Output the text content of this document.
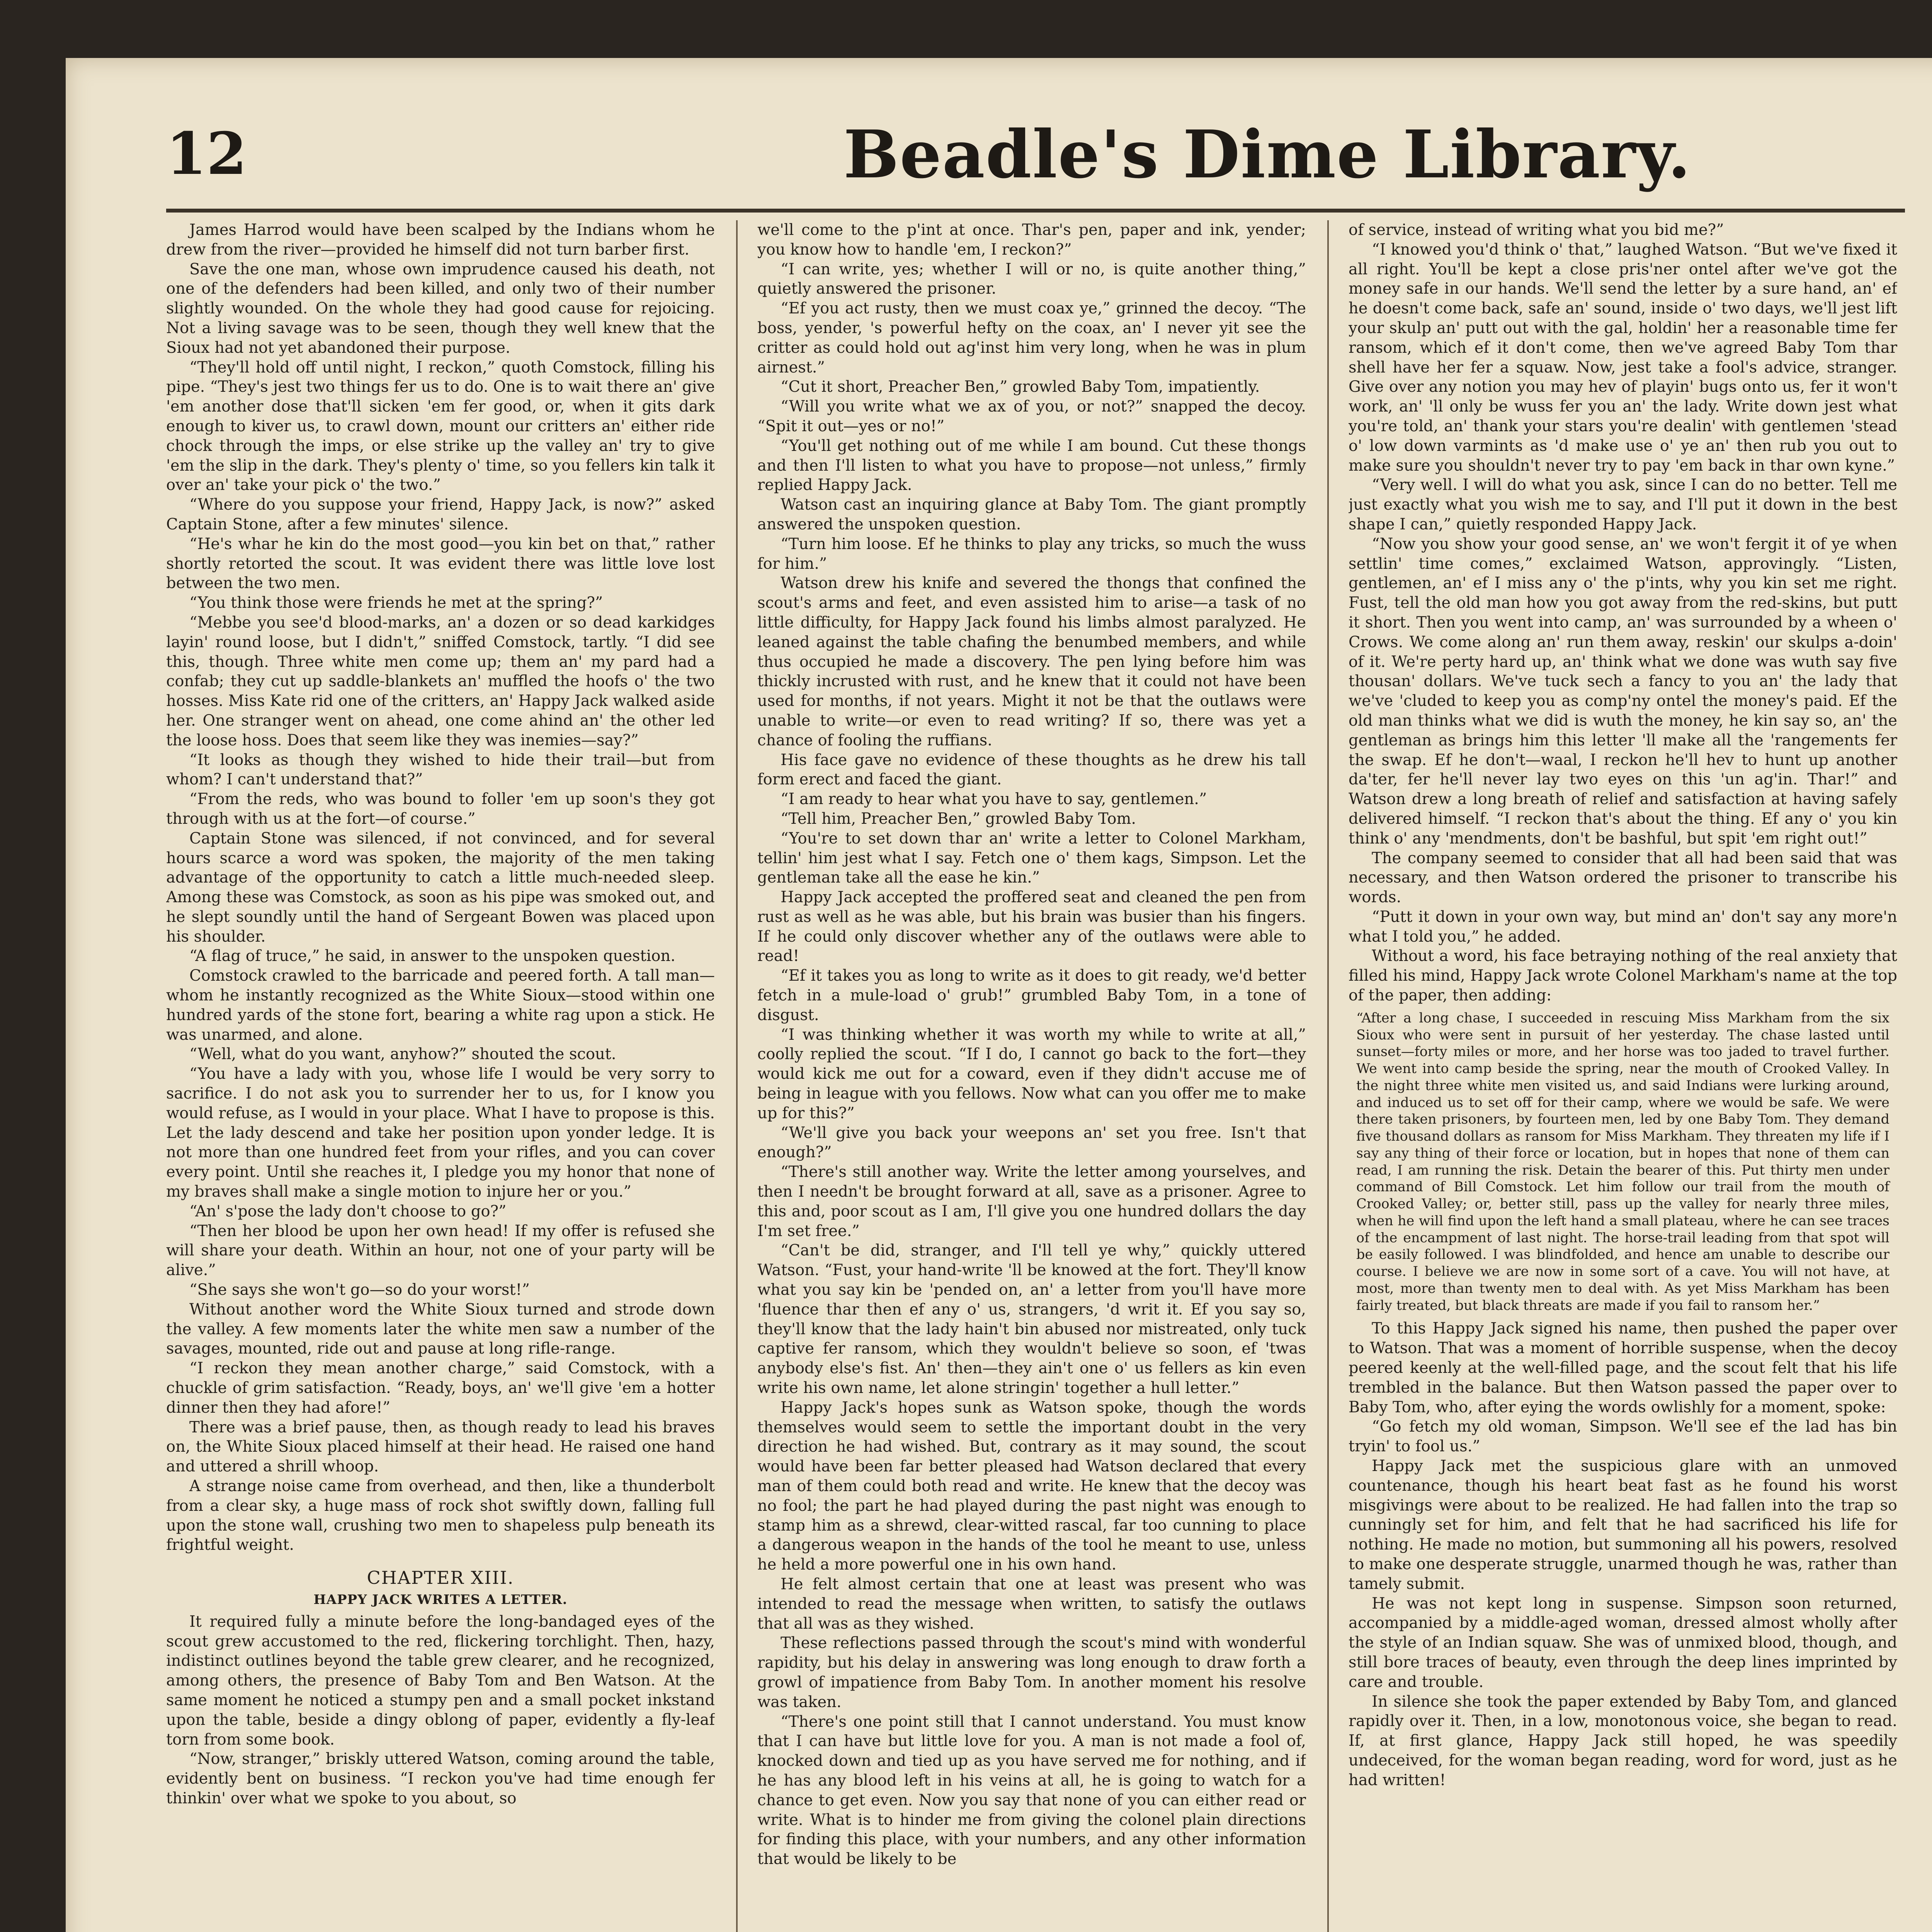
12	Beadle's Dime Library.

James Harrod would have been scalped by the Indians whom he drew from the river—provided he himself did not turn barber first.

Save the one man, whose own imprudence caused his death, not one of the defenders had been killed, and only two of their number slightly wounded. On the whole they had good cause for rejoicing. Not a living savage was to be seen, though they well knew that the Sioux had not yet abandoned their purpose.

“They'll hold off until night, I reckon,” quoth Comstock, filling his pipe. “They's jest two things fer us to do. One is to wait there an' give 'em another dose that'll sicken 'em fer good, or, when it gits dark enough to kiver us, to crawl down, mount our critters an' either ride chock through the imps, or else strike up the valley an' try to give 'em the slip in the dark. They's plenty o' time, so you fellers kin talk it over an' take your pick o' the two.”

“Where do you suppose your friend, Happy Jack, is now?” asked Captain Stone, after a few minutes' silence.

“He's whar he kin do the most good—you kin bet on that,” rather shortly retorted the scout. It was evident there was little love lost between the two men.

“You think those were friends he met at the spring?”

“Mebbe you see'd blood-marks, an' a dozen or so dead karkidges layin' round loose, but I didn't,” sniffed Comstock, tartly. “I did see this, though. Three white men come up; them an' my pard had a confab; they cut up saddle-blankets an' muffled the hoofs o' the two hosses. Miss Kate rid one of the critters, an' Happy Jack walked aside her. One stranger went on ahead, one come ahind an' the other led the loose hoss. Does that seem like they was inemies—say?”

“It looks as though they wished to hide their trail—but from whom? I can't understand that?”

“From the reds, who was bound to foller 'em up soon's they got through with us at the fort—of course.”

Captain Stone was silenced, if not convinced, and for several hours scarce a word was spoken, the majority of the men taking advantage of the opportunity to catch a little much-needed sleep. Among these was Comstock, as soon as his pipe was smoked out, and he slept soundly until the hand of Sergeant Bowen was placed upon his shoulder.

“A flag of truce,” he said, in answer to the unspoken question.

Comstock crawled to the barricade and peered forth. A tall man—whom he instantly recognized as the White Sioux—stood within one hundred yards of the stone fort, bearing a white rag upon a stick. He was unarmed, and alone.

“Well, what do you want, anyhow?” shouted the scout.

“You have a lady with you, whose life I would be very sorry to sacrifice. I do not ask you to surrender her to us, for I know you would refuse, as I would in your place. What I have to propose is this. Let the lady descend and take her position upon yonder ledge. It is not more than one hundred feet from your rifles, and you can cover every point. Until she reaches it, I pledge you my honor that none of my braves shall make a single motion to injure her or you.”

“An' s'pose the lady don't choose to go?”

“Then her blood be upon her own head! If my offer is refused she will share your death. Within an hour, not one of your party will be alive.”

“She says she won't go—so do your worst!”

Without another word the White Sioux turned and strode down the valley. A few moments later the white men saw a number of the savages, mounted, ride out and pause at long rifle-range.

“I reckon they mean another charge,” said Comstock, with a chuckle of grim satisfaction. “Ready, boys, an' we'll give 'em a hotter dinner then they had afore!”

There was a brief pause, then, as though ready to lead his braves on, the White Sioux placed himself at their head. He raised one hand and uttered a shrill whoop.

A strange noise came from overhead, and then, like a thunderbolt from a clear sky, a huge mass of rock shot swiftly down, falling full upon the stone wall, crushing two men to shapeless pulp beneath its frightful weight.

CHAPTER XIII.
HAPPY JACK WRITES A LETTER.

It required fully a minute before the long-bandaged eyes of the scout grew accustomed to the red, flickering torchlight. Then, hazy, indistinct outlines beyond the table grew clearer, and he recognized, among others, the presence of Baby Tom and Ben Watson. At the same moment he noticed a stumpy pen and a small pocket inkstand upon the table, beside a dingy oblong of paper, evidently a fly-leaf torn from some book.

“Now, stranger,” briskly uttered Watson, coming around the table, evidently bent on business. “I reckon you've had time enough fer thinkin' over what we spoke to you about, so

we'll come to the p'int at once. Thar's pen, paper and ink, yender; you know how to handle 'em, I reckon?”

“I can write, yes; whether I will or no, is quite another thing,” quietly answered the prisoner.

“Ef you act rusty, then we must coax ye,” grinned the decoy. “The boss, yender, 's powerful hefty on the coax, an' I never yit see the critter as could hold out ag'inst him very long, when he was in plum airnest.”

“Cut it short, Preacher Ben,” growled Baby Tom, impatiently.

“Will you write what we ax of you, or not?” snapped the decoy. “Spit it out—yes or no!”

“You'll get nothing out of me while I am bound. Cut these thongs and then I'll listen to what you have to propose—not unless,” firmly replied Happy Jack.

Watson cast an inquiring glance at Baby Tom. The giant promptly answered the unspoken question.

“Turn him loose. Ef he thinks to play any tricks, so much the wuss for him.”

Watson drew his knife and severed the thongs that confined the scout's arms and feet, and even assisted him to arise—a task of no little difficulty, for Happy Jack found his limbs almost paralyzed. He leaned against the table chafing the benumbed members, and while thus occupied he made a discovery. The pen lying before him was thickly incrusted with rust, and he knew that it could not have been used for months, if not years. Might it not be that the outlaws were unable to write—or even to read writing? If so, there was yet a chance of fooling the ruffians.

His face gave no evidence of these thoughts as he drew his tall form erect and faced the giant.

“I am ready to hear what you have to say, gentlemen.”

“Tell him, Preacher Ben,” growled Baby Tom.

“You're to set down thar an' write a letter to Colonel Markham, tellin' him jest what I say. Fetch one o' them kags, Simpson. Let the gentleman take all the ease he kin.”

Happy Jack accepted the proffered seat and cleaned the pen from rust as well as he was able, but his brain was busier than his fingers. If he could only discover whether any of the outlaws were able to read!

“Ef it takes you as long to write as it does to git ready, we'd better fetch in a mule-load o' grub!” grumbled Baby Tom, in a tone of disgust.

“I was thinking whether it was worth my while to write at all,” coolly replied the scout. “If I do, I cannot go back to the fort—they would kick me out for a coward, even if they didn't accuse me of being in league with you fellows. Now what can you offer me to make up for this?”

“We'll give you back your weepons an' set you free. Isn't that enough?”

“There's still another way. Write the letter among yourselves, and then I needn't be brought forward at all, save as a prisoner. Agree to this and, poor scout as I am, I'll give you one hundred dollars the day I'm set free.”

“Can't be did, stranger, and I'll tell ye why,” quickly uttered Watson. “Fust, your hand-write 'll be knowed at the fort. They'll know what you say kin be 'pended on, an' a letter from you'll have more 'fluence thar then ef any o' us, strangers, 'd writ it. Ef you say so, they'll know that the lady hain't bin abused nor mistreated, only tuck captive fer ransom, which they wouldn't believe so soon, ef 'twas anybody else's fist. An' then—they ain't one o' us fellers as kin even write his own name, let alone stringin' together a hull letter.”

Happy Jack's hopes sunk as Watson spoke, though the words themselves would seem to settle the important doubt in the very direction he had wished. But, contrary as it may sound, the scout would have been far better pleased had Watson declared that every man of them could both read and write. He knew that the decoy was no fool; the part he had played during the past night was enough to stamp him as a shrewd, clear-witted rascal, far too cunning to place a dangerous weapon in the hands of the tool he meant to use, unless he held a more powerful one in his own hand.

He felt almost certain that one at least was present who was intended to read the message when written, to satisfy the outlaws that all was as they wished.

These reflections passed through the scout's mind with wonderful rapidity, but his delay in answering was long enough to draw forth a growl of impatience from Baby Tom. In another moment his resolve was taken.

“There's one point still that I cannot understand. You must know that I can have but little love for you. A man is not made a fool of, knocked down and tied up as you have served me for nothing, and if he has any blood left in his veins at all, he is going to watch for a chance to get even. Now you say that none of you can either read or write. What is to hinder me from giving the colonel plain directions for finding this place, with your numbers, and any other information that would be likely to be

of service, instead of writing what you bid me?”

“I knowed you'd think o' that,” laughed Watson. “But we've fixed it all right. You'll be kept a close pris'ner ontel after we've got the money safe in our hands. We'll send the letter by a sure hand, an' ef he doesn't come back, safe an' sound, inside o' two days, we'll jest lift your skulp an' putt out with the gal, holdin' her a reasonable time fer ransom, which ef it don't come, then we've agreed Baby Tom thar shell have her fer a squaw. Now, jest take a fool's advice, stranger. Give over any notion you may hev of playin' bugs onto us, fer it won't work, an' 'll only be wuss fer you an' the lady. Write down jest what you're told, an' thank your stars you're dealin' with gentlemen 'stead o' low down varmints as 'd make use o' ye an' then rub you out to make sure you shouldn't never try to pay 'em back in thar own kyne.”

“Very well. I will do what you ask, since I can do no better. Tell me just exactly what you wish me to say, and I'll put it down in the best shape I can,” quietly responded Happy Jack.

“Now you show your good sense, an' we won't fergit it of ye when settlin' time comes,” exclaimed Watson, approvingly. “Listen, gentlemen, an' ef I miss any o' the p'ints, why you kin set me right. Fust, tell the old man how you got away from the red-skins, but putt it short. Then you went into camp, an' was surrounded by a wheen o' Crows. We come along an' run them away, reskin' our skulps a-doin' of it. We're perty hard up, an' think what we done was wuth say five thousan' dollars. We've tuck sech a fancy to you an' the lady that we've 'cluded to keep you as comp'ny ontel the money's paid. Ef the old man thinks what we did is wuth the money, he kin say so, an' the gentleman as brings him this letter 'll make all the 'rangements fer the swap. Ef he don't—waal, I reckon he'll hev to hunt up another da'ter, fer he'll never lay two eyes on this 'un ag'in. Thar!” and Watson drew a long breath of relief and satisfaction at having safely delivered himself. “I reckon that's about the thing. Ef any o' you kin think o' any 'mendments, don't be bashful, but spit 'em right out!”

The company seemed to consider that all had been said that was necessary, and then Watson ordered the prisoner to transcribe his words.

“Putt it down in your own way, but mind an' don't say any more'n what I told you,” he added.

Without a word, his face betraying nothing of the real anxiety that filled his mind, Happy Jack wrote Colonel Markham's name at the top of the paper, then adding:

“After a long chase, I succeeded in rescuing Miss Markham from the six Sioux who were sent in pursuit of her yesterday. The chase lasted until sunset—forty miles or more, and her horse was too jaded to travel further. We went into camp beside the spring, near the mouth of Crooked Valley. In the night three white men visited us, and said Indians were lurking around, and induced us to set off for their camp, where we would be safe. We were there taken prisoners, by fourteen men, led by one Baby Tom. They demand five thousand dollars as ransom for Miss Markham. They threaten my life if I say any thing of their force or location, but in hopes that none of them can read, I am running the risk. Detain the bearer of this. Put thirty men under command of Bill Comstock. Let him follow our trail from the mouth of Crooked Valley; or, better still, pass up the valley for nearly three miles, when he will find upon the left hand a small plateau, where he can see traces of the encampment of last night. The horse-trail leading from that spot will be easily followed. I was blindfolded, and hence am unable to describe our course. I believe we are now in some sort of a cave. You will not have, at most, more than twenty men to deal with. As yet Miss Markham has been fairly treated, but black threats are made if you fail to ransom her.”

To this Happy Jack signed his name, then pushed the paper over to Watson. That was a moment of horrible suspense, when the decoy peered keenly at the well-filled page, and the scout felt that his life trembled in the balance. But then Watson passed the paper over to Baby Tom, who, after eying the words owlishly for a moment, spoke:

“Go fetch my old woman, Simpson. We'll see ef the lad has bin tryin' to fool us.”

Happy Jack met the suspicious glare with an unmoved countenance, though his heart beat fast as he found his worst misgivings were about to be realized. He had fallen into the trap so cunningly set for him, and felt that he had sacrificed his life for nothing. He made no motion, but summoning all his powers, resolved to make one desperate struggle, unarmed though he was, rather than tamely submit.

He was not kept long in suspense. Simpson soon returned, accompanied by a middle-aged woman, dressed almost wholly after the style of an Indian squaw. She was of unmixed blood, though, and still bore traces of beauty, even through the deep lines imprinted by care and trouble.

In silence she took the paper extended by Baby Tom, and glanced rapidly over it. Then, in a low, monotonous voice, she began to read. If, at first glance, Happy Jack still hoped, he was speedily undeceived, for the woman began reading, word for word, just as he had written!
